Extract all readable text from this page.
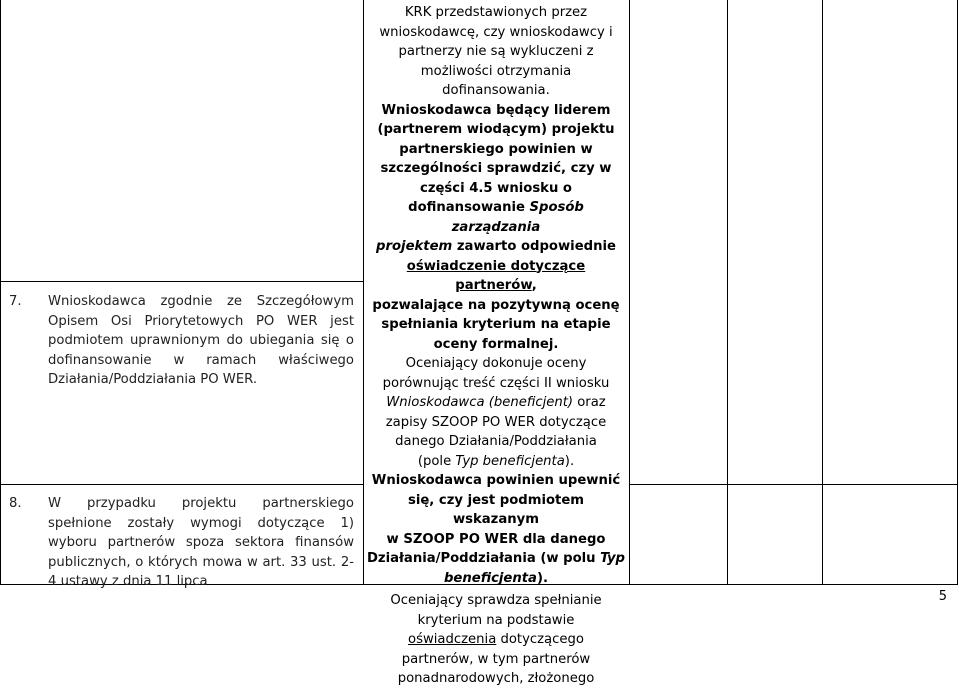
7. Wnioskodawca zgodnie ze Szczegółowym Opisem Osi Priorytetowych PO WER jest podmiotem uprawnionym do ubiegania się o dofinansowanie w ramach właściwego Działania/Poddziałania PO WER.
8. W przypadku projektu partnerskiego spełnione zostały wymogi dotyczące 1) wyboru partnerów spoza sektora finansów publicznych, o których mowa w art. 33 ust. 2-4 ustawy z dnia 11 lipca

KRK przedstawionych przez

wnioskodawcę, czy wnioskodawcy i

partnerzy nie są wykluczeni z

możliwości otrzymania

dofinansowania.

Wnioskodawca będący liderem

(partnerem wiodącym) projektu

partnerskiego powinien w

szczególności sprawdzić, czy w

części 4.5 wniosku o

dofinansowanie Sposób zarządzania

projektem zawarto odpowiednie

oświadczenie dotyczące partnerów,

pozwalające na pozytywną ocenę

spełniania kryterium na etapie

oceny formalnej.

Oceniający dokonuje oceny

porównując treść części II wniosku

Wnioskodawca (beneficjent) oraz

zapisy SZOOP PO WER dotyczące

danego Działania/Poddziałania

(pole Typ beneficjenta).

Wnioskodawca powinien upewnić

się, czy jest podmiotem wskazanym

w SZOOP PO WER dla danego

Działania/Poddziałania (w polu Typ

beneficjenta).

Oceniający sprawdza spełnianie

kryterium na podstawie

oświadczenia dotyczącego

partnerów, w tym partnerów

ponadnarodowych, złożonego

5
